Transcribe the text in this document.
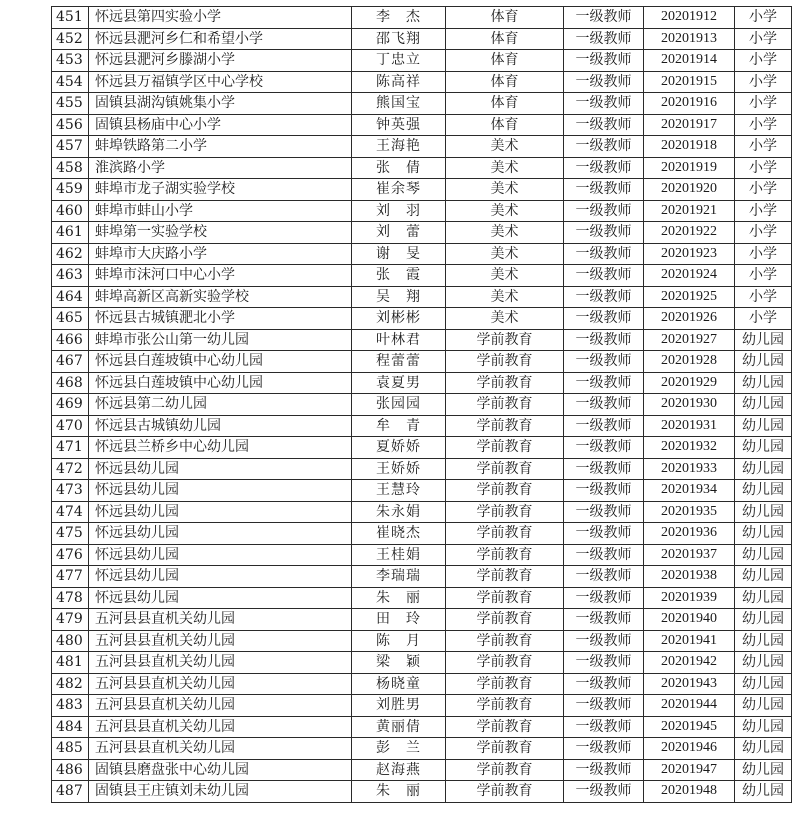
451	怀远县第四实验小学	李　杰	体育	一级教师	20201912	小学
452	怀远县淝河乡仁和希望小学	邵飞翔	体育	一级教师	20201913	小学
453	怀远县淝河乡滕湖小学	丁忠立	体育	一级教师	20201914	小学
454	怀远县万福镇学区中心学校	陈高祥	体育	一级教师	20201915	小学
455	固镇县湖沟镇姚集小学	熊国宝	体育	一级教师	20201916	小学
456	固镇县杨庙中心小学	钟英强	体育	一级教师	20201917	小学
457	蚌埠铁路第二小学	王海艳	美术	一级教师	20201918	小学
458	淮滨路小学	张　倩	美术	一级教师	20201919	小学
459	蚌埠市龙子湖实验学校	崔余琴	美术	一级教师	20201920	小学
460	蚌埠市蚌山小学	刘　羽	美术	一级教师	20201921	小学
461	蚌埠第一实验学校	刘　蕾	美术	一级教师	20201922	小学
462	蚌埠市大庆路小学	谢　旻	美术	一级教师	20201923	小学
463	蚌埠市沫河口中心小学	张　霞	美术	一级教师	20201924	小学
464	蚌埠高新区高新实验学校	吴　翔	美术	一级教师	20201925	小学
465	怀远县古城镇淝北小学	刘彬彬	美术	一级教师	20201926	小学
466	蚌埠市张公山第一幼儿园	叶林君	学前教育	一级教师	20201927	幼儿园
467	怀远县白莲坡镇中心幼儿园	程蕾蕾	学前教育	一级教师	20201928	幼儿园
468	怀远县白莲坡镇中心幼儿园	袁夏男	学前教育	一级教师	20201929	幼儿园
469	怀远县第二幼儿园	张园园	学前教育	一级教师	20201930	幼儿园
470	怀远县古城镇幼儿园	牟　青	学前教育	一级教师	20201931	幼儿园
471	怀远县兰桥乡中心幼儿园	夏娇娇	学前教育	一级教师	20201932	幼儿园
472	怀远县幼儿园	王娇娇	学前教育	一级教师	20201933	幼儿园
473	怀远县幼儿园	王慧玲	学前教育	一级教师	20201934	幼儿园
474	怀远县幼儿园	朱永娟	学前教育	一级教师	20201935	幼儿园
475	怀远县幼儿园	崔晓杰	学前教育	一级教师	20201936	幼儿园
476	怀远县幼儿园	王桂娟	学前教育	一级教师	20201937	幼儿园
477	怀远县幼儿园	李瑞瑞	学前教育	一级教师	20201938	幼儿园
478	怀远县幼儿园	朱　丽	学前教育	一级教师	20201939	幼儿园
479	五河县县直机关幼儿园	田　玲	学前教育	一级教师	20201940	幼儿园
480	五河县县直机关幼儿园	陈　月	学前教育	一级教师	20201941	幼儿园
481	五河县县直机关幼儿园	梁　颖	学前教育	一级教师	20201942	幼儿园
482	五河县县直机关幼儿园	杨晓童	学前教育	一级教师	20201943	幼儿园
483	五河县县直机关幼儿园	刘胜男	学前教育	一级教师	20201944	幼儿园
484	五河县县直机关幼儿园	黄丽倩	学前教育	一级教师	20201945	幼儿园
485	五河县县直机关幼儿园	彭　兰	学前教育	一级教师	20201946	幼儿园
486	固镇县磨盘张中心幼儿园	赵海燕	学前教育	一级教师	20201947	幼儿园
487	固镇县王庄镇刘未幼儿园	朱　丽	学前教育	一级教师	20201948	幼儿园
